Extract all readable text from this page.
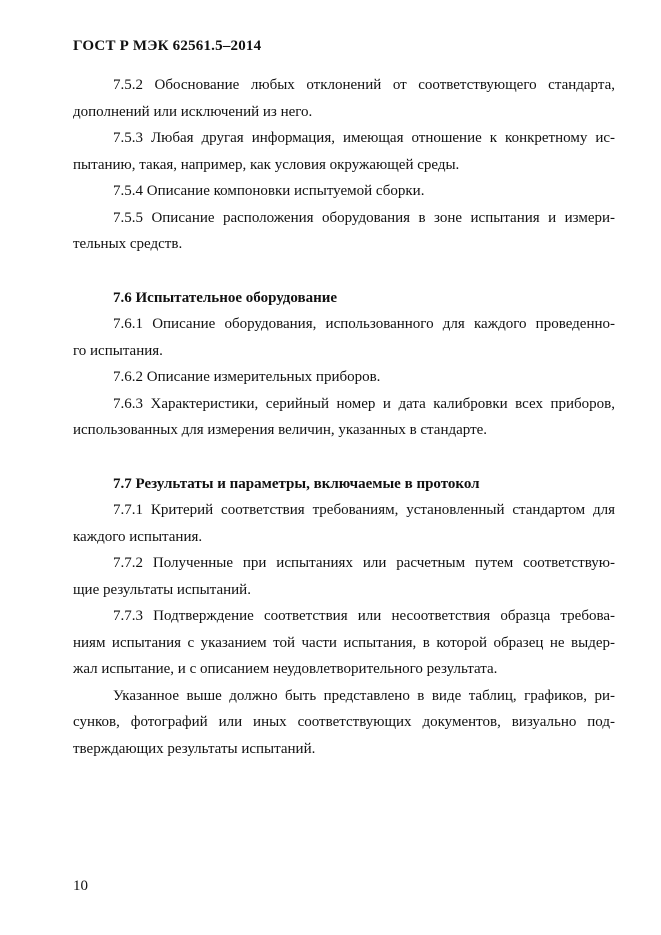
ГОСТ Р МЭК 62561.5–2014
7.5.2 Обоснование любых отклонений от соответствующего стандарта,
дополнений или исключений из него.
7.5.3 Любая другая информация, имеющая отношение к конкретному ис-
пытанию, такая, например, как условия окружающей среды.
7.5.4 Описание компоновки испытуемой сборки.
7.5.5 Описание расположения оборудования в зоне испытания и измери-
тельных средств.
7.6 Испытательное оборудование
7.6.1 Описание оборудования, использованного для каждого проведенно-
го испытания.
7.6.2 Описание измерительных приборов.
7.6.3 Характеристики, серийный номер и дата калибровки всех приборов,
использованных для измерения величин, указанных в стандарте.
7.7 Результаты и параметры, включаемые в протокол
7.7.1 Критерий соответствия требованиям, установленный стандартом для
каждого испытания.
7.7.2 Полученные при испытаниях или расчетным путем соответствую-
щие результаты испытаний.
7.7.3 Подтверждение соответствия или несоответствия образца требова-
ниям испытания с указанием той части испытания, в которой образец не выдер-
жал испытание, и с описанием неудовлетворительного результата.
Указанное выше должно быть представлено в виде таблиц, графиков, ри-
сунков, фотографий или иных соответствующих документов, визуально под-
тверждающих результаты испытаний.
10
